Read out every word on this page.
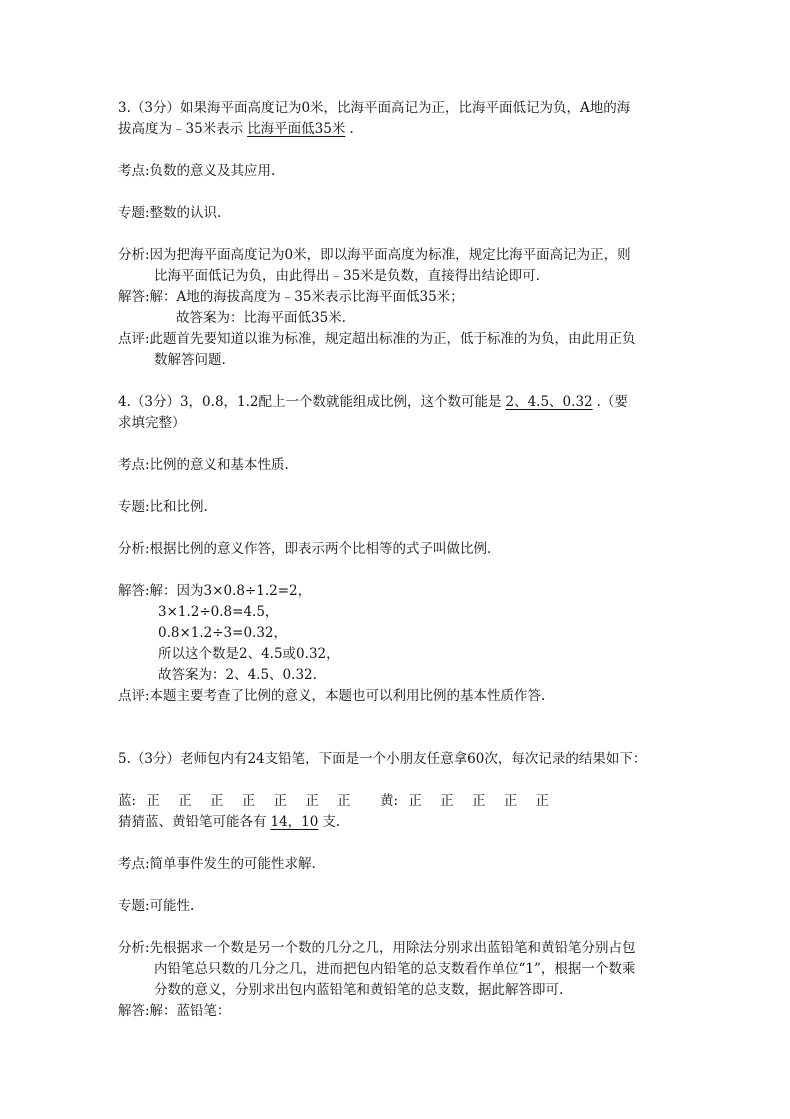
3.（3分）如果海平面高度记为0米，比海平面高记为正，比海平面低记为负，A地的海
拔高度为﹣35米表示 比海平面低35米 .
考点:负数的意义及其应用.
专题:整数的认识.
分析:因为把海平面高度记为0米，即以海平面高度为标准，规定比海平面高记为正，则
比海平面低记为负，由此得出﹣35米是负数，直接得出结论即可.
解答:解：A地的海拔高度为﹣35米表示比海平面低35米；
故答案为：比海平面低35米.
点评:此题首先要知道以谁为标准，规定超出标准的为正，低于标准的为负，由此用正负
数解答问题.
4.（3分）3，0.8，1.2配上一个数就能组成比例，这个数可能是 2、4.5、0.32 .（要
求填完整）
考点:比例的意义和基本性质.
专题:比和比例.
分析:根据比例的意义作答，即表示两个比相等的式子叫做比例.
解答:解：因为3×0.8÷1.2=2，
3×1.2÷0.8=4.5，
0.8×1.2÷3=0.32，
所以这个数是2、4.5或0.32，
故答案为：2、4.5、0.32.
点评:本题主要考查了比例的意义，本题也可以利用比例的基本性质作答.
5.（3分）老师包内有24支铅笔，下面是一个小朋友任意拿60次，每次记录的结果如下：
蓝: 正 正 正 正 正 正 正	黄: 正 正 正 正 正
猜猜蓝、黄铅笔可能各有 14，10 支.
考点:简单事件发生的可能性求解.
专题:可能性.
分析:先根据求一个数是另一个数的几分之几，用除法分别求出蓝铅笔和黄铅笔分别占包
内铅笔总只数的几分之几，进而把包内铅笔的总支数看作单位“1”，根据一个数乘
分数的意义，分别求出包内蓝铅笔和黄铅笔的总支数，据此解答即可.
解答:解：蓝铅笔：
